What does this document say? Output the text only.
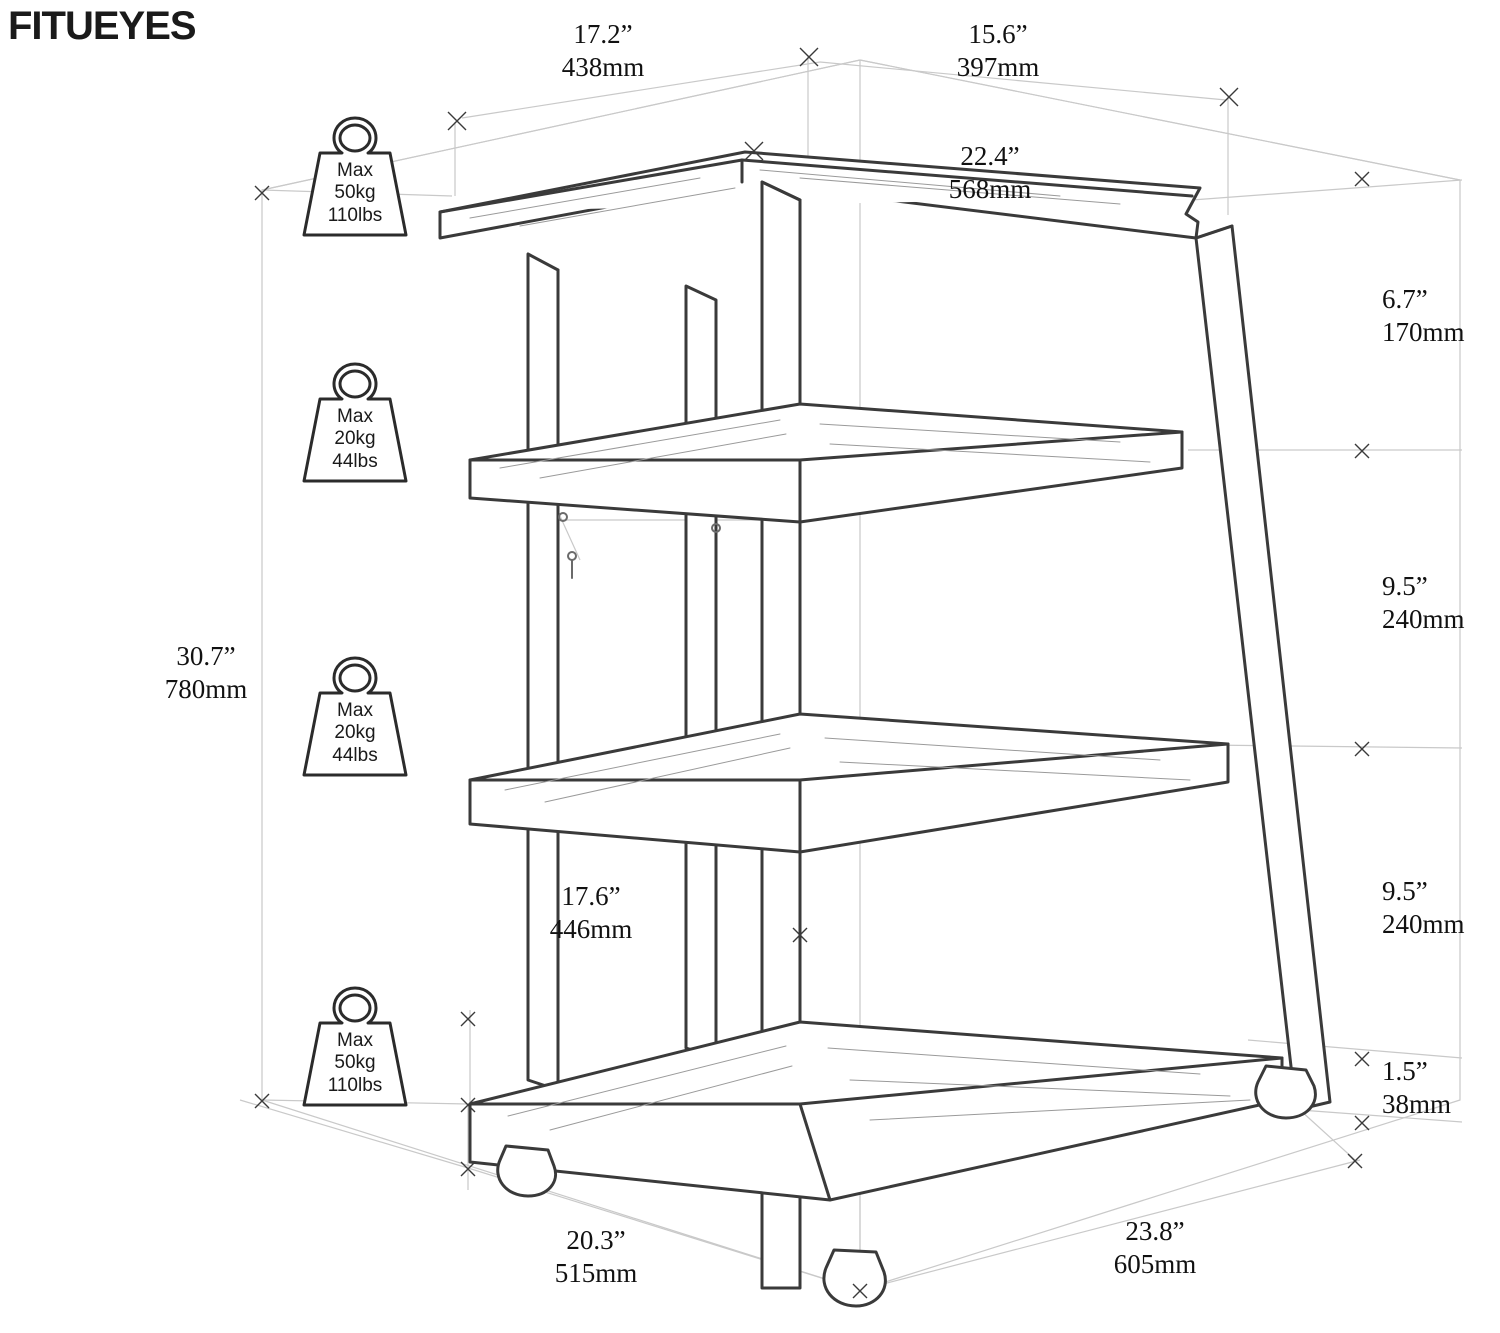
FITUEYES	17.2”
438mm
15.6”
397mm
22.4”
568mm
6.7”
170mm
9.5”
240mm
9.5”
240mm
1.5”
38mm
30.7”
780mm
17.6”
446mm
20.3”
515mm
23.8”
605mm
Max
50kg
110lbs
Max
20kg
44lbs
Max
20kg
44lbs
Max
50kg
110lbs
